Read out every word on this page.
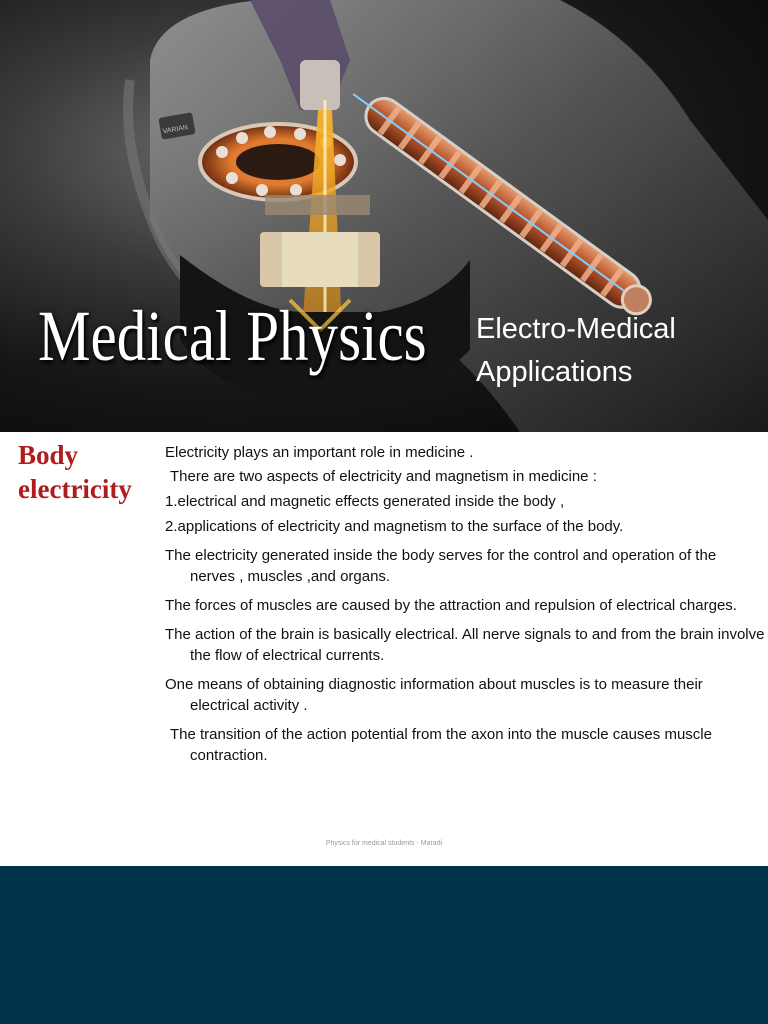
VARIAN
Medical Physics Electro-Medical
Applications
Body
electricity

Electricity plays an important role in medicine .

There are two aspects of electricity and magnetism in medicine :

1.electrical and magnetic effects generated inside the body ,

2.applications of electricity and magnetism to the surface of the body.

The electricity generated inside the body serves for the control and operation of the nerves , muscles ,and organs.

The forces of muscles are caused by the attraction and repulsion of electrical charges.

The action of the brain is basically electrical. All nerve signals to and from the brain involve the flow of electrical currents.

One means of obtaining diagnostic information about muscles is to measure their electrical activity .

The transition of the action potential from the axon into the muscle causes muscle contraction.

Physics for medical students - Maradi
